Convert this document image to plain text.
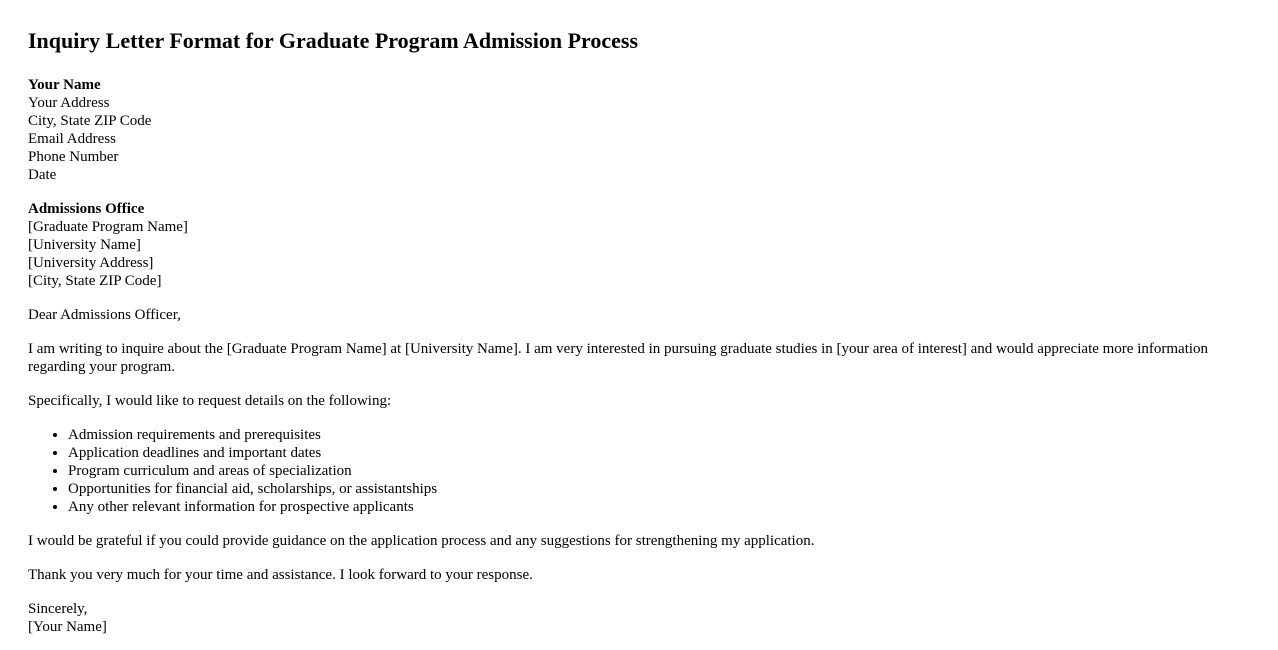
Inquiry Letter Format for Graduate Program Admission Process
Your Name
Your Address
City, State ZIP Code
Email Address
Phone Number
Date
Admissions Office
[Graduate Program Name]
[University Name]
[University Address]
[City, State ZIP Code]

Dear Admissions Officer,

I am writing to inquire about the [Graduate Program Name] at [University Name]. I am very interested in pursuing graduate studies in [your area of interest] and would appreciate more information regarding your program.

Specifically, I would like to request details on the following:

• Admission requirements and prerequisites
• Application deadlines and important dates
• Program curriculum and areas of specialization
• Opportunities for financial aid, scholarships, or assistantships
• Any other relevant information for prospective applicants

I would be grateful if you could provide guidance on the application process and any suggestions for strengthening my application.

Thank you very much for your time and assistance. I look forward to your response.

Sincerely,
[Your Name]
